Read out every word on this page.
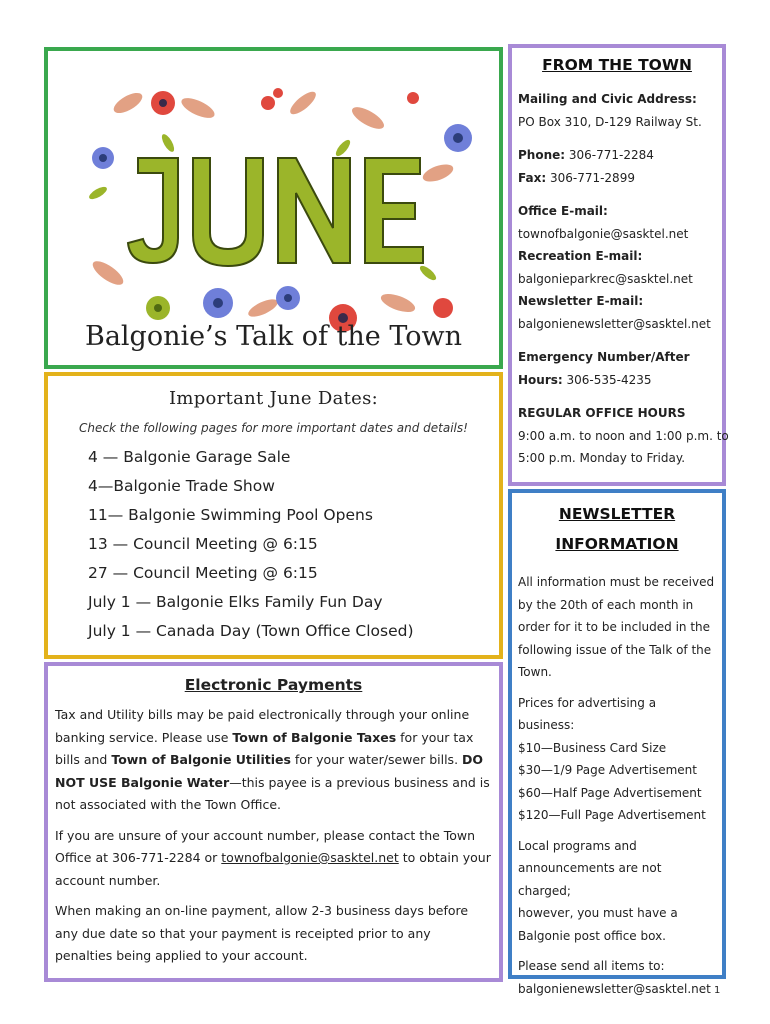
Balgonie’s Talk of the Town
Important June Dates:
Check the following pages for more important dates and details!
4 — Balgonie Garage Sale
4—Balgonie Trade Show
11— Balgonie Swimming Pool Opens
13 — Council Meeting @ 6:15
27 — Council Meeting @ 6:15
July 1 — Balgonie Elks Family Fun Day
July 1 — Canada Day (Town Office Closed)
Electronic Payments

Tax and Utility bills may be paid electronically through your online banking service. Please use Town of Balgonie Taxes for your tax bills and Town of Balgonie Utilities for your water/sewer bills. DO NOT USE Balgonie Water—this payee is a previous business and is not associated with the Town Office.

If you are unsure of your account number, please contact the Town Office at 306-771-2284 or townofbalgonie@sasktel.net to obtain your account number.

When making an on-line payment, allow 2-3 business days before any due date so that your payment is receipted prior to any penalties being applied to your account.

FROM THE TOWN
Mailing and Civic Address:
PO Box 310, D-129 Railway St.
Phone: 306-771-2284
Fax: 306-771-2899
Office E-mail:
townofbalgonie@sasktel.net
Recreation E-mail:
balgonieparkrec@sasktel.net
Newsletter E-mail:
balgonienewsletter@sasktel.net
Emergency Number/After
Hours: 306-535-4235
REGULAR OFFICE HOURS
9:00 a.m. to noon and 1:00 p.m. to
5:00 p.m. Monday to Friday.
NEWSLETTER
INFORMATION

All information must be received

by the 20th of each month in

order for it to be included in the

following issue of the Talk of the

Town.

Prices for advertising a business:

$10—Business Card Size

$30—1/9 Page Advertisement

$60—Half Page Advertisement

$120—Full Page Advertisement

Local programs and

announcements are not charged;

however, you must have a

Balgonie post office box.

Please send all items to:

balgonienewsletter@sasktel.net 1
